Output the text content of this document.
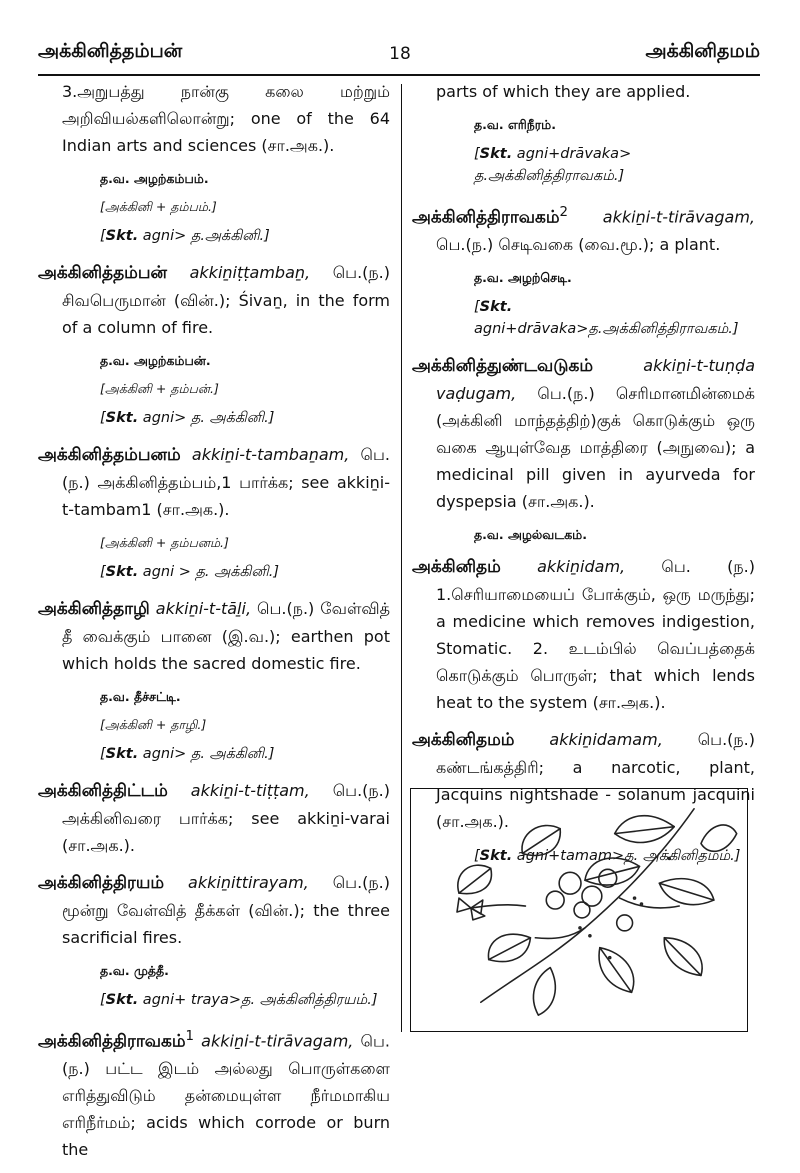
அக்கினித்தம்பன்	18	அக்கினிதமம்

3.அறுபத்து நான்கு கலை மற்றும் அறிவியல்களிலொன்று; one of the 64 Indian arts and sciences (சா.அக.).

த.வ. அழற்கம்பம்.
[அக்கினி + தம்பம்.]
[Skt. agni> த.அக்கினி.]

அக்கினித்தம்பன் akkiṉiṭṭambaṉ, பெ.(ந.) சிவபெருமான் (வின்.); Śivaṉ, in the form of a column of fire.

த.வ. அழற்கம்பன்.
[அக்கினி + தம்பன்.]
[Skt. agni> த. அக்கினி.]

அக்கினித்தம்பனம் akkiṉi-t-tambaṉam, பெ.(ந.) அக்கினித்தம்பம்,1 பார்க்க; see akkiṉi-t-tambam1 (சா.அக.).

[அக்கினி + தம்பனம்.]
[Skt. agni > த. அக்கினி.]

அக்கினித்தாழி akkiṉi-t-tāḻi, பெ.(ந.) வேள்வித் தீ வைக்கும் பானை (இ.வ.); earthen pot which holds the sacred domestic fire.

த.வ. தீச்சட்டி.
[அக்கினி + தாழி.]
[Skt. agni> த. அக்கினி.]

அக்கினித்திட்டம் akkiṉi-t-tiṭṭam, பெ.(ந.) அக்கினிவரை பார்க்க; see akkiṉi-varai (சா.அக.).

அக்கினித்திரயம் akkiṉittirayam, பெ.(ந.) மூன்று வேள்வித் தீக்கள் (வின்.); the three sacrificial fires.

த.வ. முத்தீ.
[Skt. agni+ traya>த. அக்கினித்திரயம்.]

அக்கினித்திராவகம்$^1$ akkiṉi-t-tirāvagam, பெ. (ந.) பட்ட இடம் அல்லது பொருள்களை எரித்துவிடும் தன்மையுள்ள நீர்மமாகிய எரிநீர்மம்; acids which corrode or burn the

parts of which they are applied.

த.வ. எரிநீரம்.
[Skt. agni+drāvaka> த.அக்கினித்திராவகம்.]

அக்கினித்திராவகம்$^2$ akkiṉi-t-tirāvagam, பெ.(ந.) செடிவகை (வை.மூ.); a plant.

த.வ. அழற்செடி.
[Skt. agni+drāvaka>த.அக்கினித்திராவகம்.]

அக்கினித்துண்டவடுகம்	akkiṉi-t-tuṇḍa vaḍugam, பெ.(ந.) செரிமானமின்மைக் (அக்கினி மாந்தத்திற்)குக் கொடுக்கும் ஒரு வகை ஆயுள்வேத மாத்திரை (அநுவை); a medicinal pill given in ayurveda for dyspepsia (சா.அக.).

த.வ. அழல்வடகம்.

அக்கினிதம் akkiṉidam, பெ. (ந.) 1.செரியாமையைப் போக்கும், ஒரு மருந்து; a medicine which removes indigestion, Stomatic. 2. உடம்பில் வெப்பத்தைக் கொடுக்கும் பொருள்; that which lends heat to the system (சா.அக.).

அக்கினிதமம் akkiṉidamam, பெ.(ந.) கண்டங்கத்திரி; a narcotic, plant, Jacquins nightshade - solanum jacquini (சா.அக.).

[Skt. agni+tamam>த. அக்கினிதமம்.]
